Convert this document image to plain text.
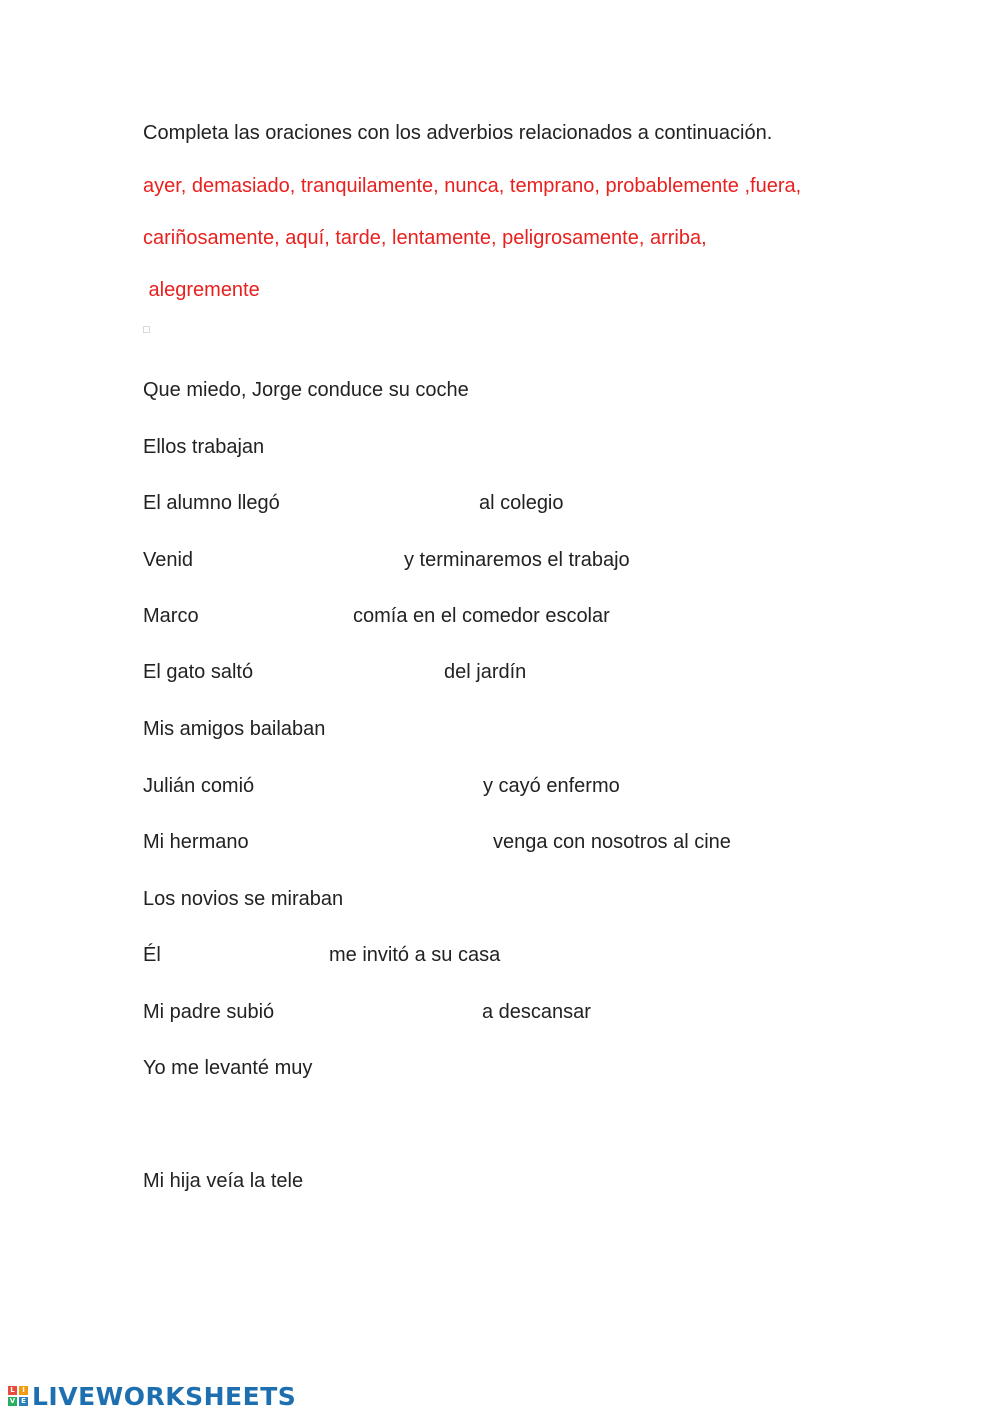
Completa las oraciones con los adverbios relacionados a continuación.
ayer, demasiado, tranquilamente, nunca, temprano, probablemente ,fuera,
cariñosamente, aquí, tarde, lentamente, peligrosamente, arriba,
alegremente
Que miedo, Jorge conduce su coche
Ellos trabajan
El alumno llegó	al colegio
Venid	y terminaremos el trabajo
Marco	comía en el comedor escolar
El gato saltó	del jardín
Mis amigos bailaban
Julián comió	y cayó enfermo
Mi hermano	venga con nosotros al cine
Los novios se miraban
Él	me invitó a su casa
Mi padre subió	a descansar
Yo me levanté muy
Mi hija veía la tele
L	I
V E LIVEWORKSHEETS
